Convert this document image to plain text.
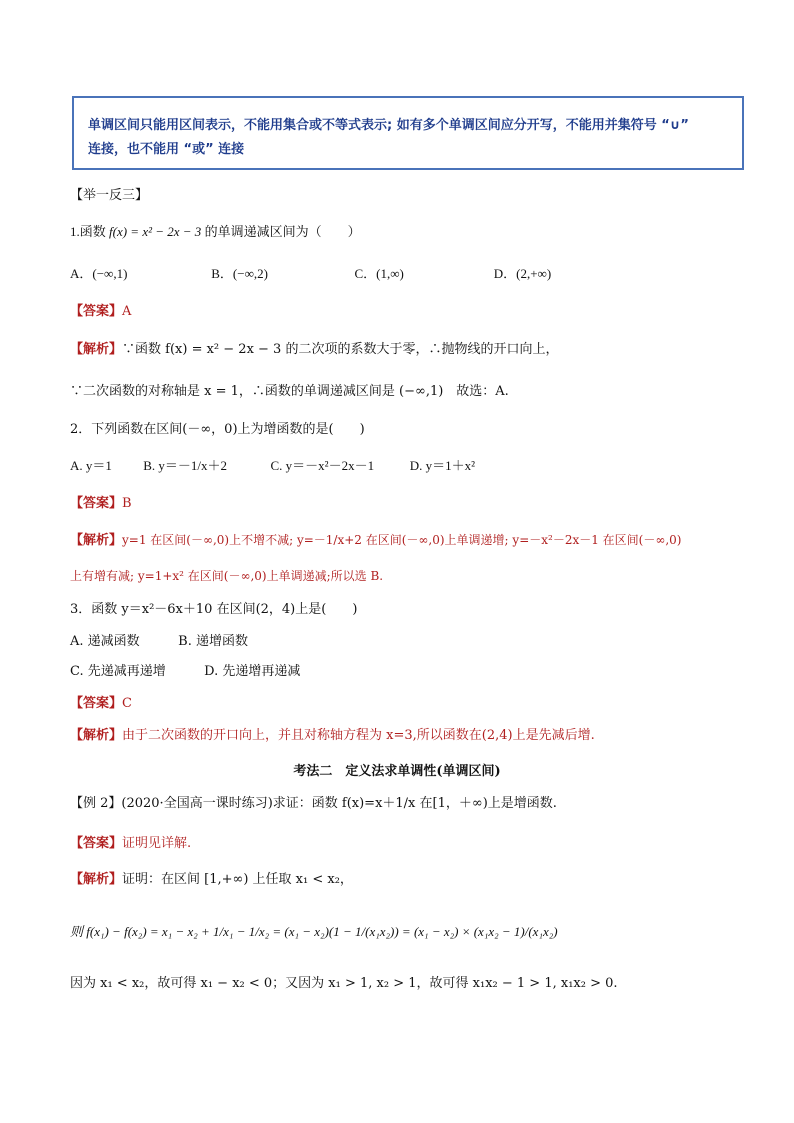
单调区间只能用区间表示，不能用集合或不等式表示; 如有多个单调区间应分开写，不能用并集符号 “∪”
连接，也不能用 “或” 连接
【举一反三】
1.函数 f(x) = x² − 2x − 3 的单调递减区间为（　　）
A．(−∞,1)	B．(−∞,2)	C．(1,∞)	D．(2,+∞)
【答案】A
【解析】∵函数 f(x) = x² − 2x − 3 的二次项的系数大于零，∴抛物线的开口向上，
∵二次函数的对称轴是 x = 1，∴函数的单调递减区间是 (−∞,1)　故选：A.
2．下列函数在区间(－∞，0)上为增函数的是(　　)
A. y＝1 B. y＝－1/x＋2	C. y＝－x²－2x－1	D. y＝1＋x²
【答案】B
【解析】y=1 在区间(－∞,0)上不增不减; y=－1/x+2 在区间(－∞,0)上单调递增; y=－x²－2x－1 在区间(－∞,0)
上有增有减; y=1+x² 在区间(－∞,0)上单调递减;所以选 B.
3．函数 y＝x²－6x＋10 在区间(2，4)上是(　　)
A. 递减函数	B. 递增函数
C. 先递减再递增	D. 先递增再递减
【答案】C
【解析】由于二次函数的开口向上，并且对称轴方程为 x=3,所以函数在(2,4)上是先减后增.
考法二　定义法求单调性(单调区间)
【例 2】(2020·全国高一课时练习)求证：函数 f(x)=x＋1/x 在[1，＋∞)上是增函数.
【答案】证明见详解.
【解析】证明：在区间 [1,+∞) 上任取 x₁ < x₂，
则 f(x₁) − f(x₂) = x₁ − x₂ + 1/x₁ − 1/x₂ = (x₁ − x₂)(1 − 1/(x₁x₂)) = (x₁ − x₂) × (x₁x₂ − 1)/(x₁x₂)
因为 x₁ < x₂，故可得 x₁ − x₂ < 0；又因为 x₁ > 1, x₂ > 1，故可得 x₁x₂ − 1 > 1, x₁x₂ > 0.
